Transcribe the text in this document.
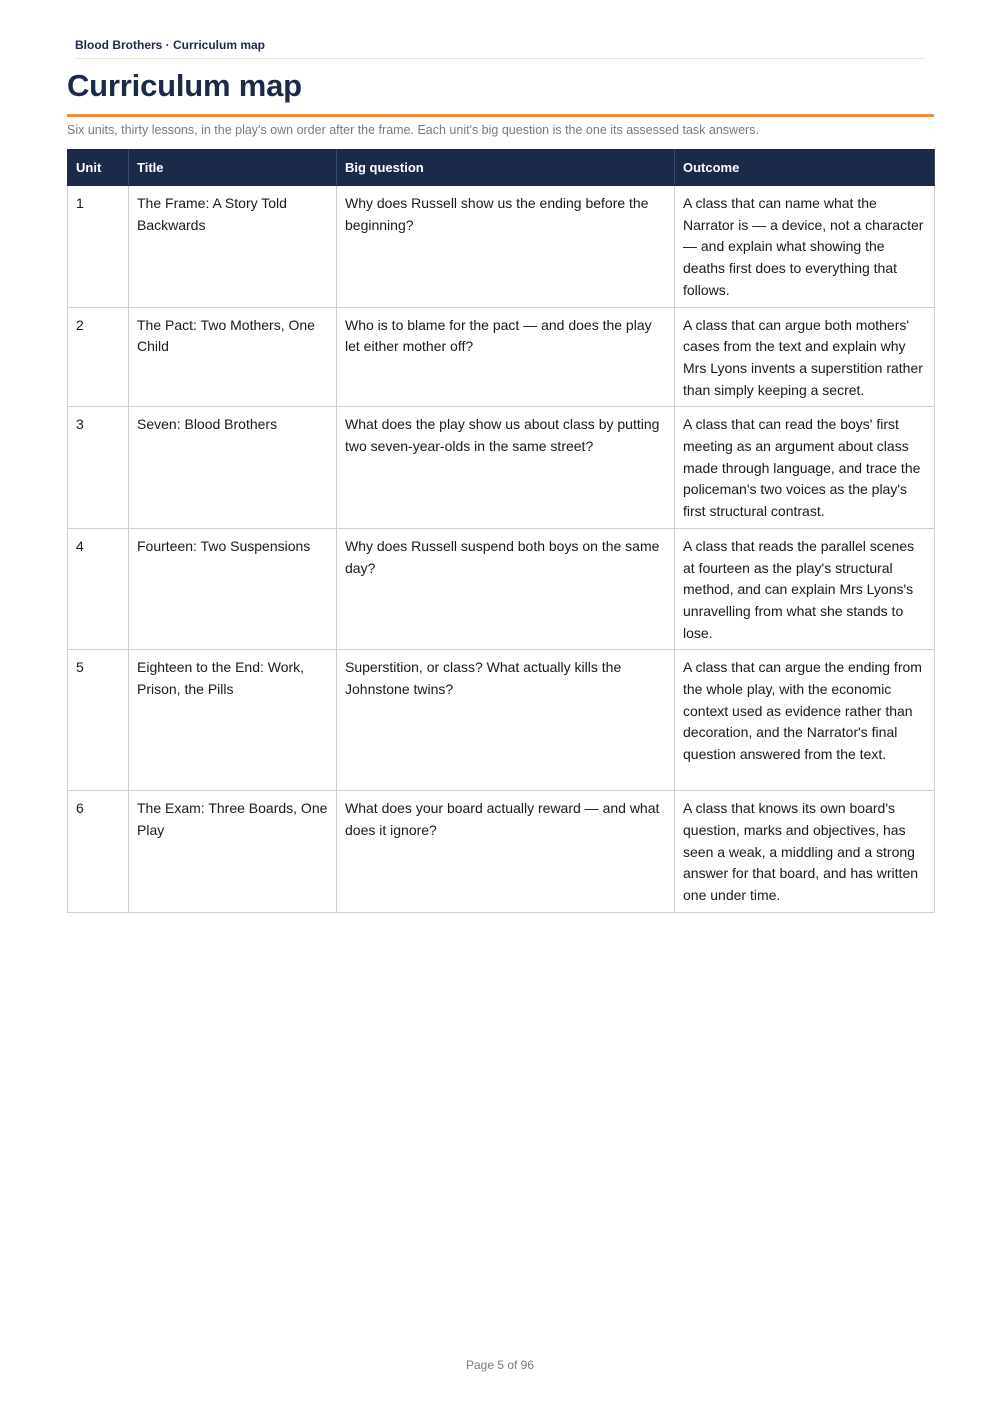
Blood Brothers · Curriculum map
Curriculum map
Six units, thirty lessons, in the play's own order after the frame. Each unit's big question is the one its assessed task answers.
Unit	Title	Big question	Outcome
1	The Frame: A Story Told Backwards	Why does Russell show us the ending before the beginning?	A class that can name what the Narrator is — a device, not a character — and explain what showing the deaths first does to everything that follows.
2	The Pact: Two Mothers, One Child	Who is to blame for the pact — and does the play let either mother off?	A class that can argue both mothers' cases from the text and explain why Mrs Lyons invents a superstition rather than simply keeping a secret.
3	Seven: Blood Brothers	What does the play show us about class by putting two seven-year-olds in the same street?	A class that can read the boys' first meeting as an argument about class made through language, and trace the policeman's two voices as the play's first structural contrast.
4	Fourteen: Two Suspensions	Why does Russell suspend both boys on the same day?	A class that reads the parallel scenes at fourteen as the play's structural method, and can explain Mrs Lyons's unravelling from what she stands to lose.
5	Eighteen to the End: Work, Prison, the Pills	Superstition, or class? What actually kills the Johnstone twins?	A class that can argue the ending from the whole play, with the economic context used as evidence rather than decoration, and the Narrator's final question answered from the text.
6	The Exam: Three Boards, One Play	What does your board actually reward — and what does it ignore?	A class that knows its own board's question, marks and objectives, has seen a weak, a middling and a strong answer for that board, and has written one under time.
Page 5 of 96
